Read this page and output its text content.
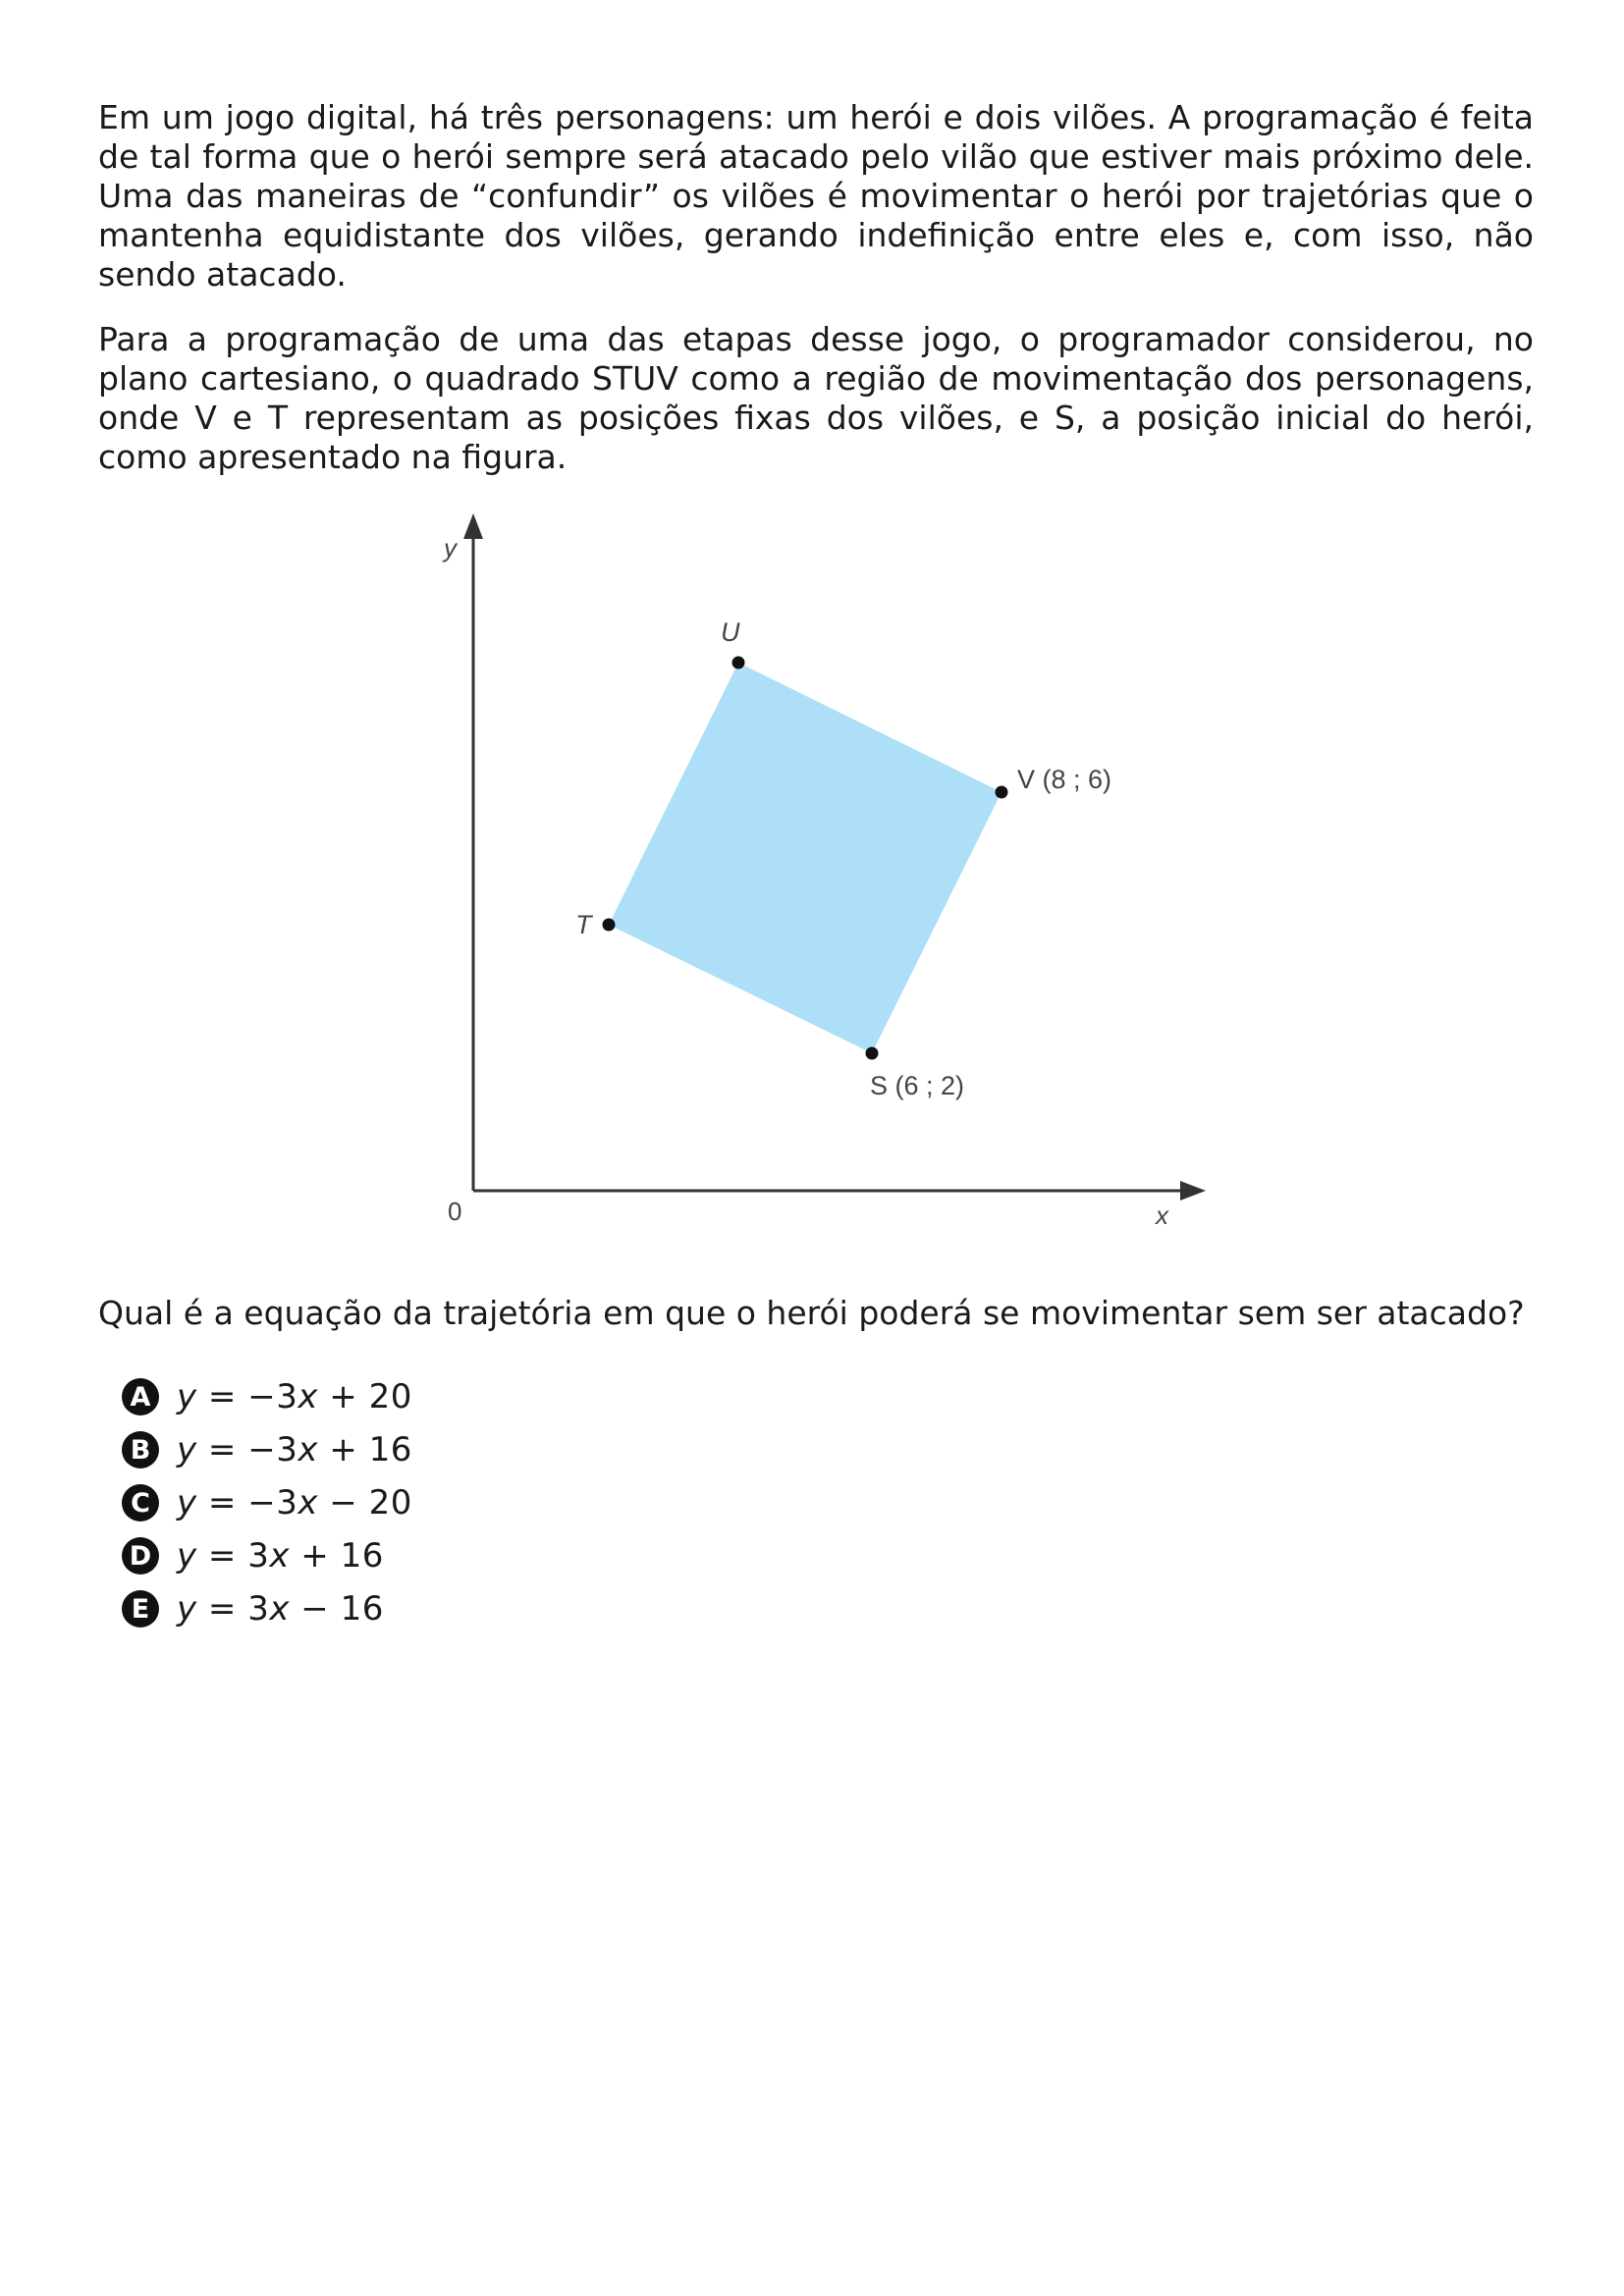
Em um jogo digital, há três personagens: um herói e dois vilões. A programação é feita de tal forma que o herói sempre será atacado pelo vilão que estiver mais próximo dele. Uma das maneiras de “confundir” os vilões é movimentar o herói por trajetórias que o mantenha equidistante dos vilões, gerando indefinição entre eles e, com isso, não sendo atacado.

Para a programação de uma das etapas desse jogo, o programador considerou, no plano cartesiano, o quadrado STUV como a região de movimentação dos personagens, onde V e T representam as posições fixas dos vilões, e S, a posição inicial do herói, como apresentado na figura.

y
x
0
U
V (8 ; 6)
T
S (6 ; 2)

Qual é a equação da trajetória em que o herói poderá se movimentar sem ser atacado?

A y = −3x + 20
B y = −3x + 16
C y = −3x − 20
D y = 3x + 16
E y = 3x − 16
